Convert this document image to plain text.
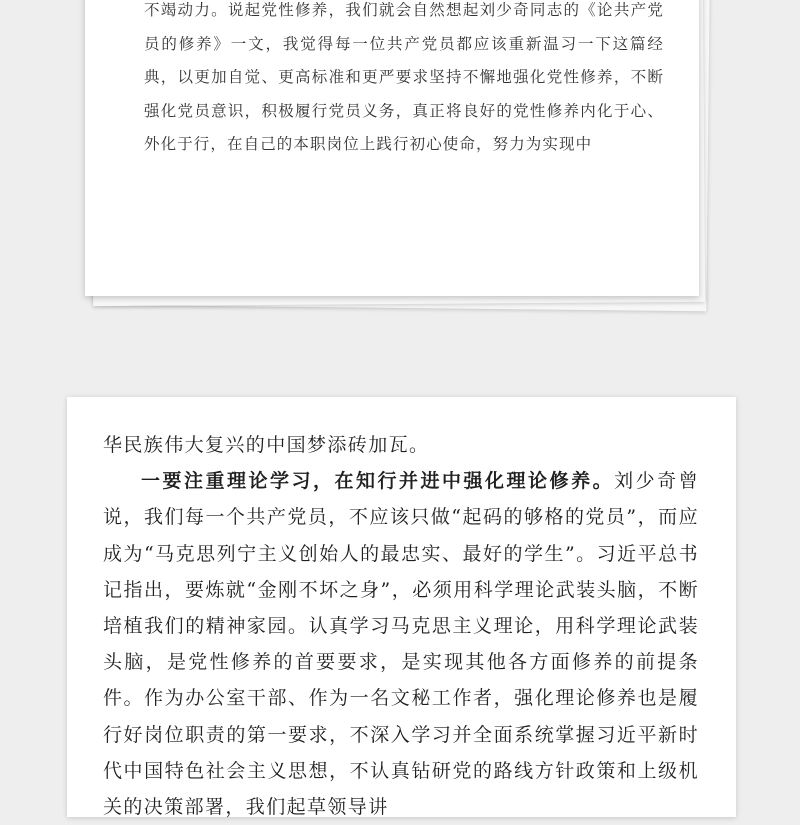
不竭动力。说起党性修养，我们就会自然想起刘少奇同志的《论共产党员的修养》一文，我觉得每一位共产党员都应该重新温习一下这篇经典，以更加自觉、更高标准和更严要求坚持不懈地强化党性修养，不断强化党员意识，积极履行党员义务，真正将良好的党性修养内化于心、外化于行，在自己的本职岗位上践行初心使命，努力为实现中

华民族伟大复兴的中国梦添砖加瓦。

一要注重理论学习，在知行并进中强化理论修养。刘少奇曾说，我们每一个共产党员，不应该只做“起码的够格的党员”，而应成为“马克思列宁主义创始人的最忠实、最好的学生”。习近平总书记指出，要炼就“金刚不坏之身”，必须用科学理论武装头脑，不断培植我们的精神家园。认真学习马克思主义理论，用科学理论武装头脑，是党性修养的首要要求，是实现其他各方面修养的前提条件。作为办公室干部、作为一名文秘工作者，强化理论修养也是履行好岗位职责的第一要求，不深入学习并全面系统掌握习近平新时代中国特色社会主义思想，不认真钻研党的路线方针政策和上级机关的决策部署，我们起草领导讲
